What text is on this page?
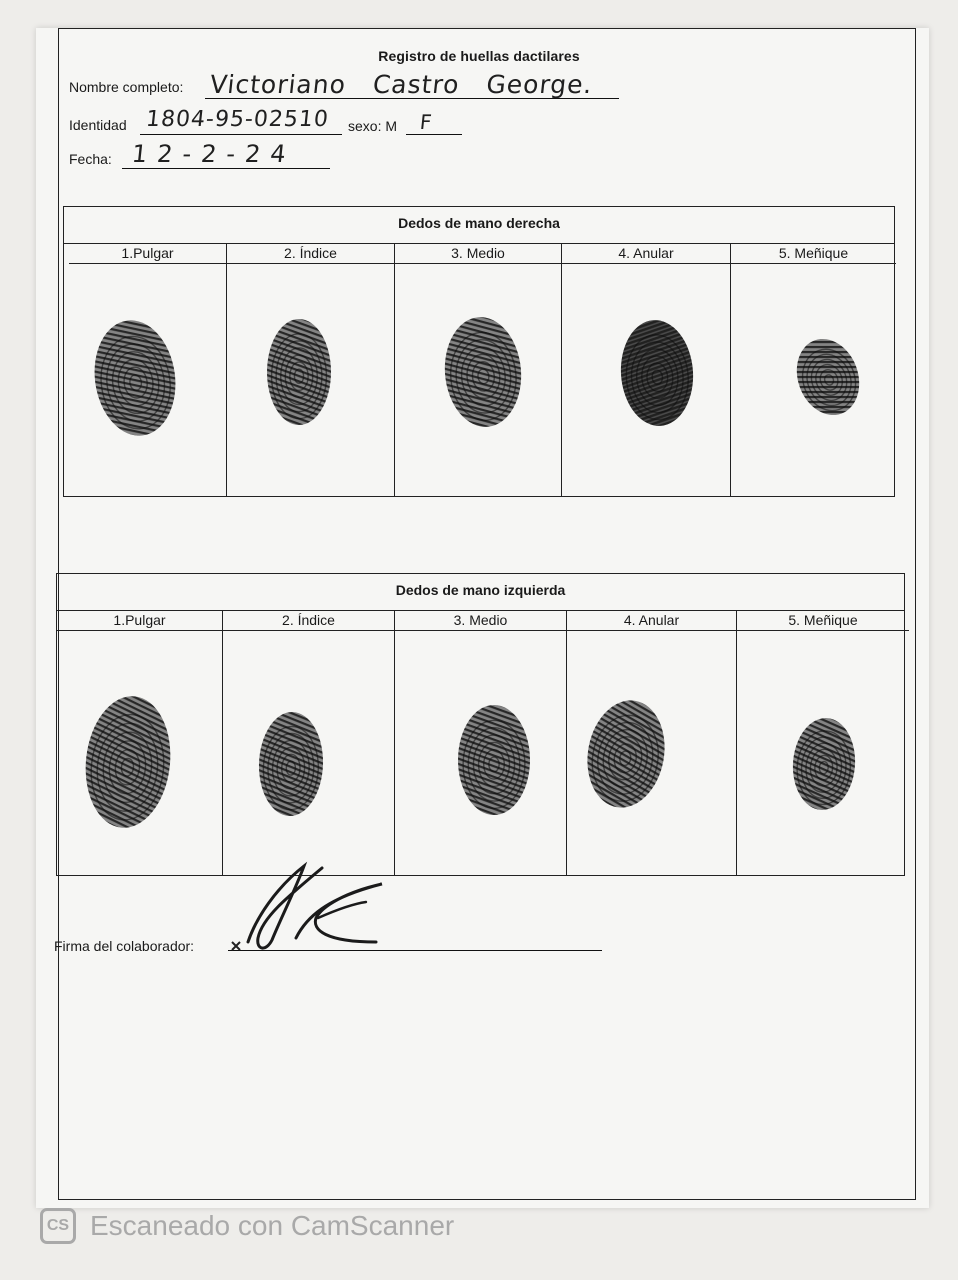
Registro de huellas dactilares
Nombre completo: Victoriano Castro George.
Identidad 1804-95-02510 sexo: M F
Fecha: 12-2-24
Dedos de mano derecha
1.Pulgar	2. Índice	3. Medio	4. Anular	5. Meñique
Dedos de mano izquierda
1.Pulgar	2. Índice	3. Medio	4. Anular	5. Meñique
Firma del colaborador:
CS Escaneado con CamScanner
